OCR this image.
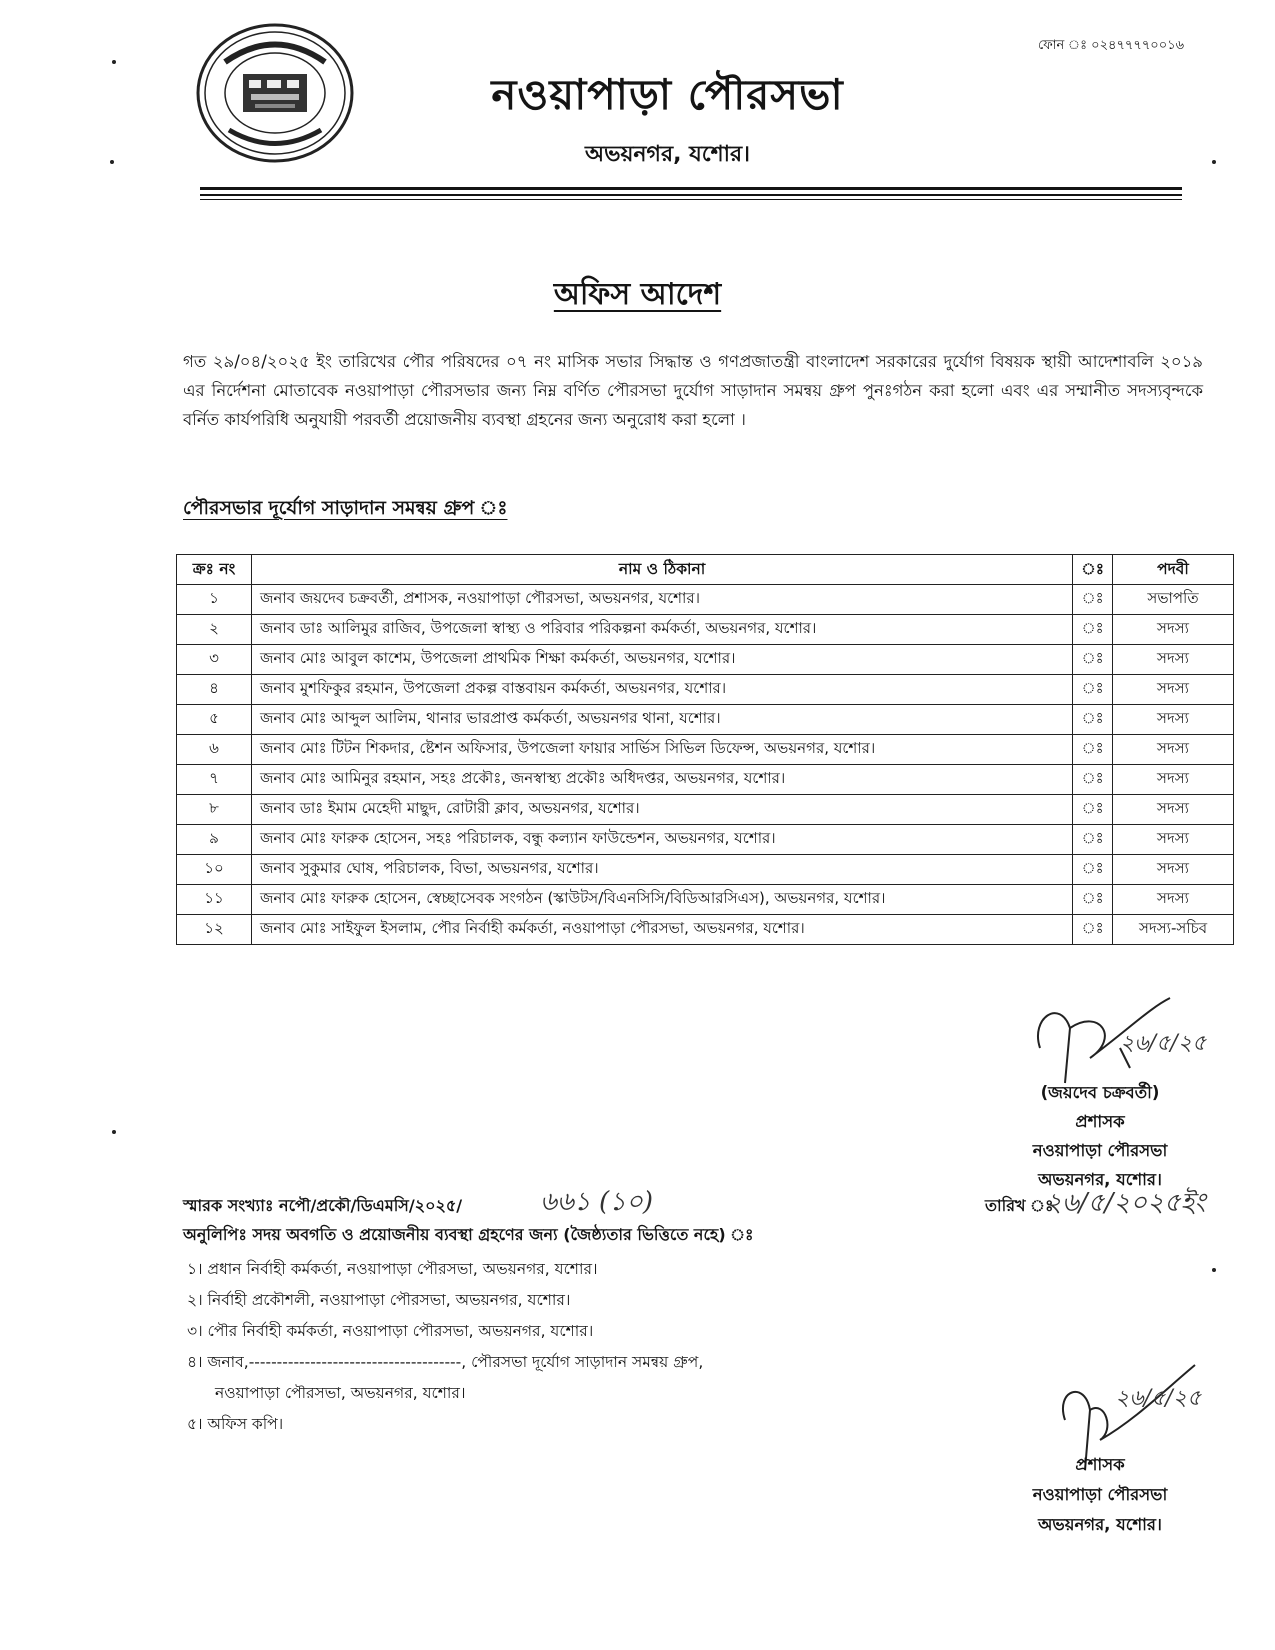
ফোন ঃ ০২৪৭৭৭৭০০১৬
নওয়াপাড়া পৌরসভা
অভয়নগর, যশোর।
অফিস আদেশ
গত ২৯/০৪/২০২৫ ইং তারিখের পৌর পরিষদের ০৭ নং মাসিক সভার সিদ্ধান্ত ও গণপ্রজাতন্ত্রী বাংলাদেশ সরকারের দুর্যোগ বিষয়ক স্থায়ী আদেশাবলি ২০১৯ এর নির্দেশনা মোতাবেক নওয়াপাড়া পৌরসভার জন্য নিম্ন বর্ণিত পৌরসভা দুর্যোগ সাড়াদান সমন্বয় গ্রুপ পুনঃগঠন করা হলো এবং এর সম্মানীত সদস্যবৃন্দকে বর্নিত কার্যপরিধি অনুযায়ী পরবর্তী প্রয়োজনীয় ব্যবস্থা গ্রহনের জন্য অনুরোধ করা হলো ।
পৌরসভার দূর্যোগ সাড়াদান সমন্বয় গ্রুপ ঃ
ক্রঃ নং	নাম ও ঠিকানা	ঃ	পদবী
১	জনাব জয়দেব চক্রবর্তী, প্রশাসক, নওয়াপাড়া পৌরসভা, অভয়নগর, যশোর।	ঃ	সভাপতি
২	জনাব ডাঃ আলিমুর রাজিব, উপজেলা স্বাস্থ্য ও পরিবার পরিকল্পনা কর্মকর্তা, অভয়নগর, যশোর।	ঃ	সদস্য
৩	জনাব মোঃ আবুল কাশেম, উপজেলা প্রাথমিক শিক্ষা কর্মকর্তা, অভয়নগর, যশোর।	ঃ	সদস্য
৪	জনাব মুশফিকুর রহমান, উপজেলা প্রকল্প বাস্তবায়ন কর্মকর্তা, অভয়নগর, যশোর।	ঃ	সদস্য
৫	জনাব মোঃ আব্দুল আলিম, থানার ভারপ্রাপ্ত কর্মকর্তা, অভয়নগর থানা, যশোর।	ঃ	সদস্য
৬	জনাব মোঃ টিটন শিকদার, ষ্টেশন অফিসার, উপজেলা ফায়ার সার্ভিস সিভিল ডিফেন্স, অভয়নগর, যশোর।	ঃ	সদস্য
৭	জনাব মোঃ আমিনুর রহমান, সহঃ প্রকৌঃ, জনস্বাস্থ্য প্রকৌঃ অধিদপ্তর, অভয়নগর, যশোর।	ঃ	সদস্য
৮	জনাব ডাঃ ইমাম মেহেদী মাছুদ, রোটারী ক্লাব, অভয়নগর, যশোর।	ঃ	সদস্য
৯	জনাব মোঃ ফারুক হোসেন, সহঃ পরিচালক, বন্ধু কল্যান ফাউন্ডেশন, অভয়নগর, যশোর।	ঃ	সদস্য
১০	জনাব সুকুমার ঘোষ, পরিচালক, বিভা, অভয়নগর, যশোর।	ঃ	সদস্য
১১	জনাব মোঃ ফারুক হোসেন, স্বেচ্ছাসেবক সংগঠন (স্কাউটস/বিএনসিসি/বিডিআরসিএস), অভয়নগর, যশোর।	ঃ	সদস্য
১২	জনাব মোঃ সাইফুল ইসলাম, পৌর নির্বাহী কর্মকর্তা, নওয়াপাড়া পৌরসভা, অভয়নগর, যশোর।	ঃ	সদস্য-সচিব
২৬/৫/২৫
(জয়দেব চক্রবর্তী)
প্রশাসক
নওয়াপাড়া পৌরসভা
অভয়নগর, যশোর।
স্মারক সংখ্যাঃ নপৌ/প্রকৌ/ডিএমসি/২০২৫/	৬৬১ (১০)	তারিখ ঃ
২৬/৫/২০২৫ইং
অনুলিপিঃ সদয় অবগতি ও প্রয়োজনীয় ব্যবস্থা গ্রহণের জন্য (জৈষ্ঠ্যতার ভিত্তিতে নহে) ঃ
১। প্রধান নির্বাহী কর্মকর্তা, নওয়াপাড়া পৌরসভা, অভয়নগর, যশোর।
২। নির্বাহী প্রকৌশলী, নওয়াপাড়া পৌরসভা, অভয়নগর, যশোর।
৩। পৌর নির্বাহী কর্মকর্তা, নওয়াপাড়া পৌরসভা, অভয়নগর, যশোর।
৪। জনাব,--------------------------------------, পৌরসভা দূর্যোগ সাড়াদান সমন্বয় গ্রুপ,
নওয়াপাড়া পৌরসভা, অভয়নগর, যশোর।
৫। অফিস কপি।
২৬/৫/২৫
প্রশাসক
নওয়াপাড়া পৌরসভা
অভয়নগর, যশোর।
